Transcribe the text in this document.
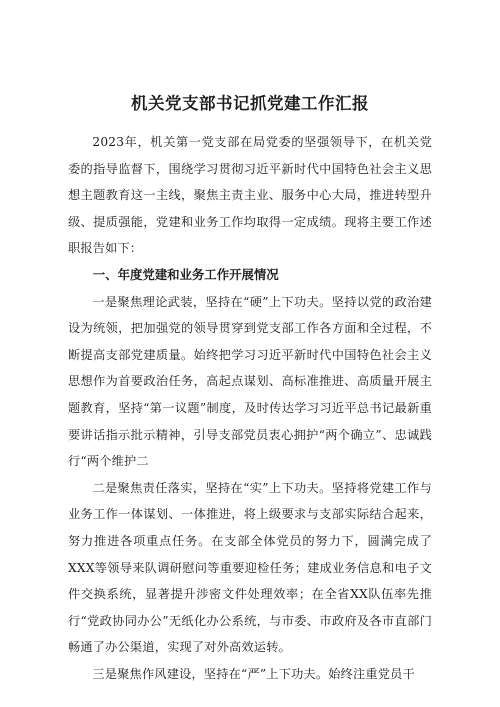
机关党支部书记抓党建工作汇报

2023年，机关第一党支部在局党委的坚强领导下，在机关党委的指导监督下，围绕学习贯彻习近平新时代中国特色社会主义思想主题教育这一主线，聚焦主责主业、服务中心大局，推进转型升级、提质强能，党建和业务工作均取得一定成绩。现将主要工作述职报告如下：

一、年度党建和业务工作开展情况

一是聚焦理论武装，坚持在“硬”上下功夫。坚持以党的政治建设为统领，把加强党的领导贯穿到党支部工作各方面和全过程，不断提高支部党建质量。始终把学习习近平新时代中国特色社会主义思想作为首要政治任务，高起点谋划、高标准推进、高质量开展主题教育，坚持“第一议题”制度，及时传达学习习近平总书记最新重要讲话指示批示精神，引导支部党员衷心拥护“两个确立”、忠诚践行“两个维护二

二是聚焦责任落实，坚持在“实”上下功夫。坚持将党建工作与业务工作一体谋划、一体推进，将上级要求与支部实际结合起来，努力推进各项重点任务。在支部全体党员的努力下，圆满完成了XXX等领导来队调研慰问等重要迎检任务；建成业务信息和电子文件交换系统，显著提升涉密文件处理效率；在全省XX队伍率先推行“党政协同办公”无纸化办公系统，与市委、市政府及各市直部门畅通了办公渠道，实现了对外高效运转。

三是聚焦作风建设，坚持在“严”上下功夫。始终注重党员干
